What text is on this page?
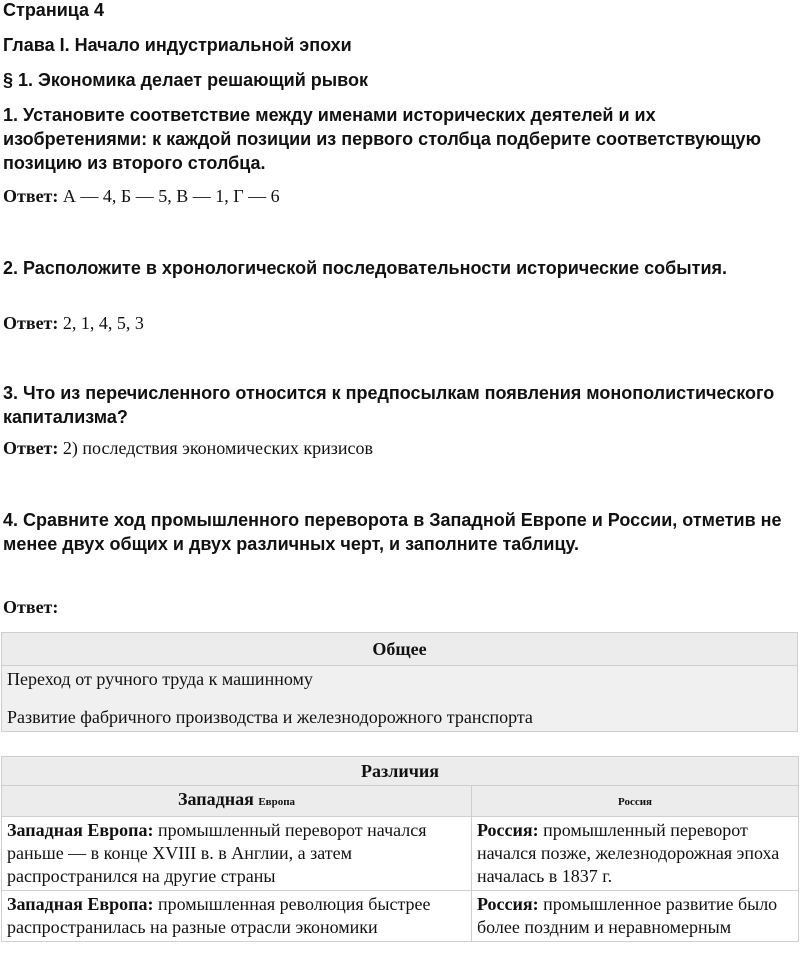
Страница 4

Глава I. Начало индустриальной эпохи

§ 1. Экономика делает решающий рывок

1. Установите соответствие между именами исторических деятелей и их изобретениями: к каждой позиции из первого столбца подберите соответствующую позицию из второго столбца.

Ответ: А — 4, Б — 5, В — 1, Г — 6

2. Расположите в хронологической последовательности исторические события.

Ответ: 2, 1, 4, 5, 3

3. Что из перечисленного относится к предпосылкам появления монополистического капитализма?

Ответ: 2) последствия экономических кризисов

4. Сравните ход промышленного переворота в Западной Европе и России, отметив не менее двух общих и двух различных черт, и заполните таблицу.

Ответ:

Общее

Переход от ручного труда к машинному
Развитие фабричного производства и железнодорожного транспорта
Различия	
Западная Европа	Россия
Западная Европа: промышленный переворот начался раньше — в конце XVIII в. в Англии, а затем распространился на другие страны	Россия: промышленный переворот начался позже, железнодорожная эпоха началась в 1837 г.
Западная Европа: промышленная революция быстрее распространилась на разные отрасли экономики	Россия: промышленное развитие было более поздним и неравномерным
